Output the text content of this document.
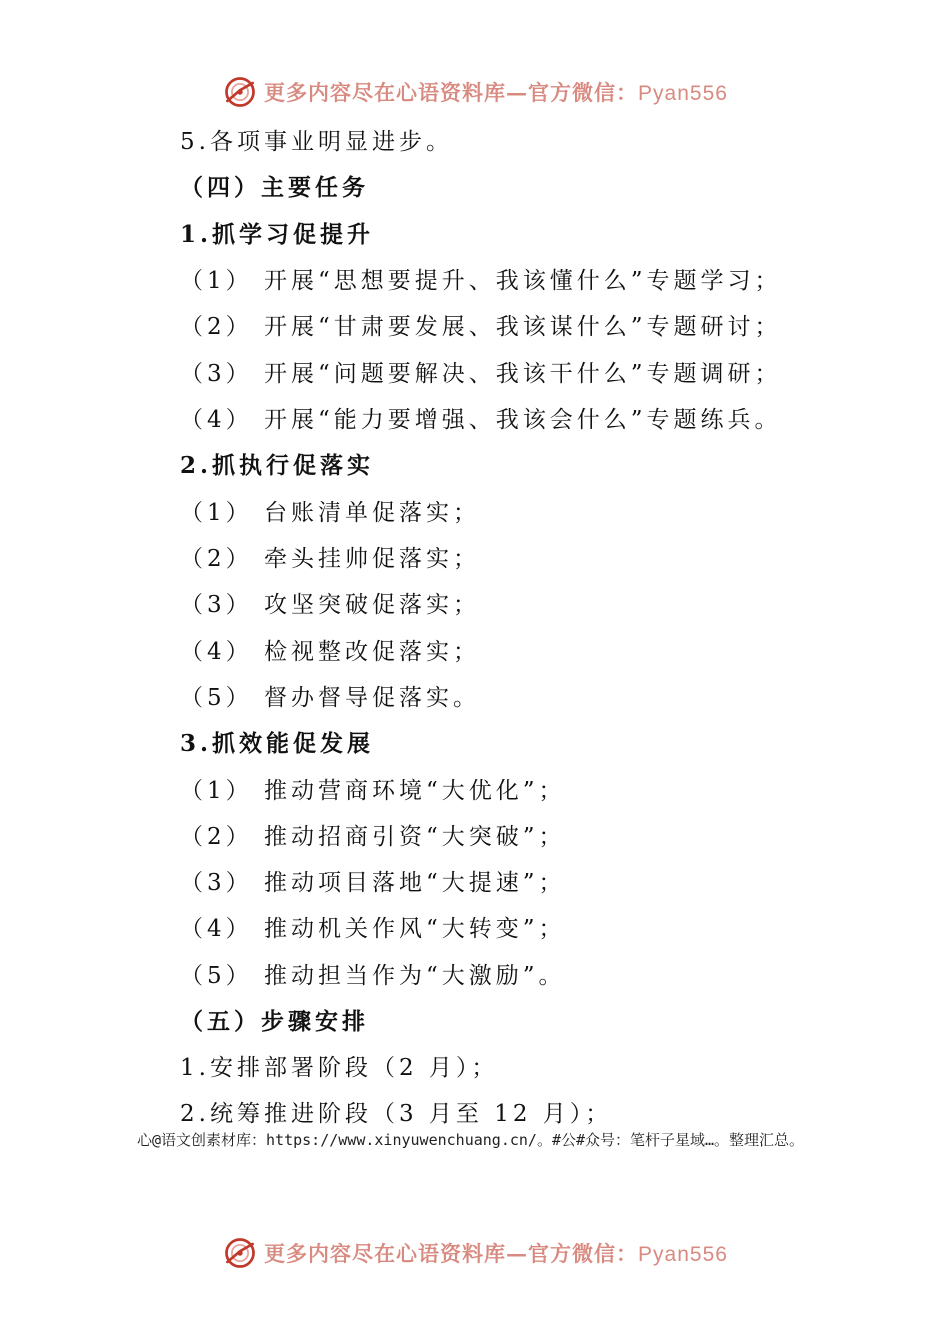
更多内容尽在心语资料库—官方微信：Pyan556
5.各项事业明显进步。
（四）主要任务
1.抓学习促提升
（1） 开展“思想要提升、我该懂什么”专题学习；
（2） 开展“甘肃要发展、我该谋什么”专题研讨；
（3） 开展“问题要解决、我该干什么”专题调研；
（4） 开展“能力要增强、我该会什么”专题练兵。
2.抓执行促落实
（1） 台账清单促落实；
（2） 牵头挂帅促落实；
（3） 攻坚突破促落实；
（4） 检视整改促落实；
（5） 督办督导促落实。
3.抓效能促发展
（1） 推动营商环境“大优化”；
（2） 推动招商引资“大突破”；
（3） 推动项目落地“大提速”；
（4） 推动机关作风“大转变”；
（5） 推动担当作为“大激励”。
（五）步骤安排
1.安排部署阶段（2 月）；
2.统筹推进阶段（3 月至 12 月）；
心@语文创素材库：https://www.xinyuwenchuang.cn/。#公#众号：笔杆子星域…。整理汇总。
更多内容尽在心语资料库—官方微信：Pyan556
